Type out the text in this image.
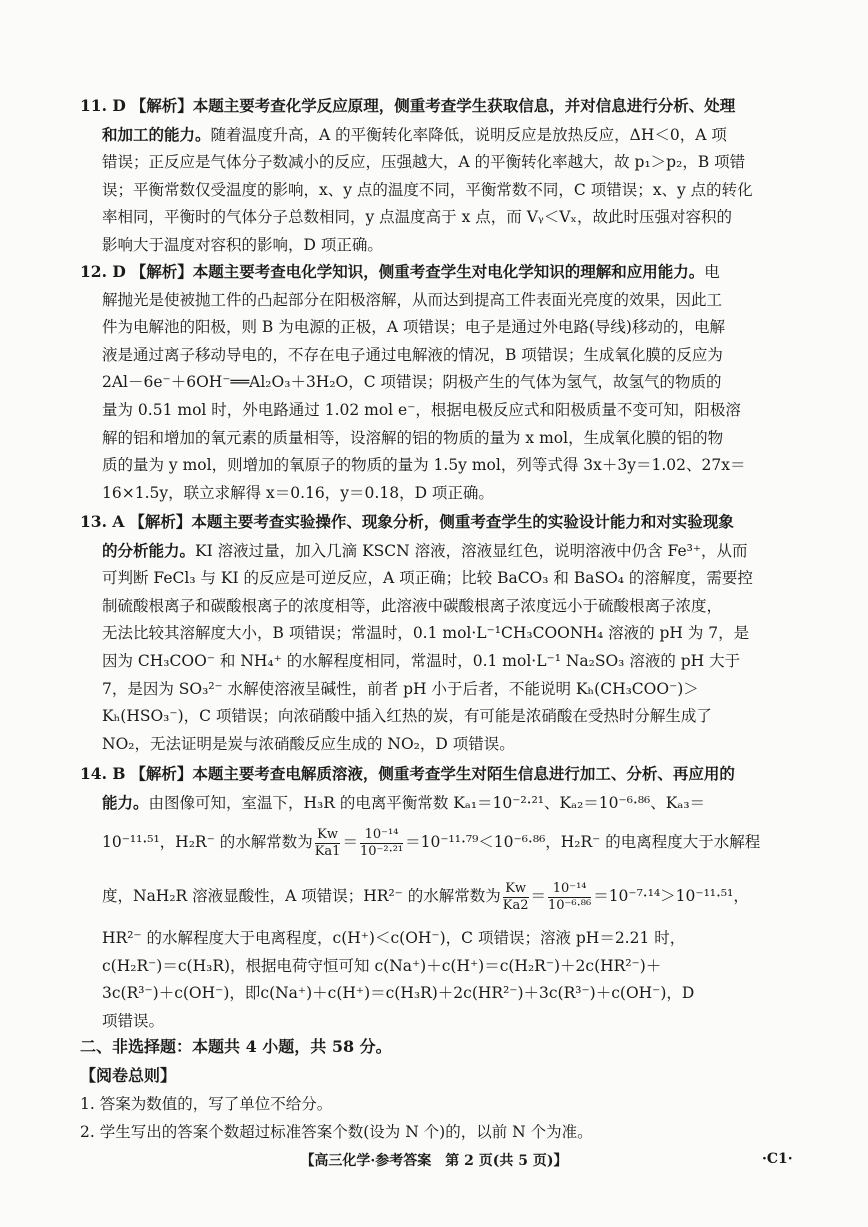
11. D 【解析】本题主要考查化学反应原理，侧重考查学生获取信息，并对信息进行分析、处理
和加工的能力。随着温度升高，A 的平衡转化率降低，说明反应是放热反应，ΔH＜0，A 项
错误；正反应是气体分子数减小的反应，压强越大，A 的平衡转化率越大，故 p₁＞p₂，B 项错
误；平衡常数仅受温度的影响，x、y 点的温度不同，平衡常数不同，C 项错误；x、y 点的转化
率相同，平衡时的气体分子总数相同，y 点温度高于 x 点，而 Vᵧ＜Vₓ，故此时压强对容积的
影响大于温度对容积的影响，D 项正确。
12. D 【解析】本题主要考查电化学知识，侧重考查学生对电化学知识的理解和应用能力。电
解抛光是使被抛工件的凸起部分在阳极溶解，从而达到提高工件表面光亮度的效果，因此工
件为电解池的阳极，则 B 为电源的正极，A 项错误；电子是通过外电路(导线)移动的，电解
液是通过离子移动导电的，不存在电子通过电解液的情况，B 项错误；生成氧化膜的反应为
2Al－6e⁻＋6OH⁻══Al₂O₃＋3H₂O，C 项错误；阴极产生的气体为氢气，故氢气的物质的
量为 0.51 mol 时，外电路通过 1.02 mol e⁻，根据电极反应式和阳极质量不变可知，阳极溶
解的铝和增加的氧元素的质量相等，设溶解的铝的物质的量为 x mol，生成氧化膜的铝的物
质的量为 y mol，则增加的氧原子的物质的量为 1.5y mol，列等式得 3x＋3y＝1.02、27x＝
16×1.5y，联立求解得 x＝0.16，y＝0.18，D 项正确。
13. A 【解析】本题主要考查实验操作、现象分析，侧重考查学生的实验设计能力和对实验现象
的分析能力。KI 溶液过量，加入几滴 KSCN 溶液，溶液显红色，说明溶液中仍含 Fe³⁺，从而
可判断 FeCl₃ 与 KI 的反应是可逆反应，A 项正确；比较 BaCO₃ 和 BaSO₄ 的溶解度，需要控
制硫酸根离子和碳酸根离子的浓度相等，此溶液中碳酸根离子浓度远小于硫酸根离子浓度，
无法比较其溶解度大小，B 项错误；常温时，0.1 mol·L⁻¹CH₃COONH₄ 溶液的 pH 为 7，是
因为 CH₃COO⁻ 和 NH₄⁺ 的水解程度相同，常温时，0.1 mol·L⁻¹ Na₂SO₃ 溶液的 pH 大于
7，是因为 SO₃²⁻ 水解使溶液呈碱性，前者 pH 小于后者，不能说明 Kₕ(CH₃COO⁻)＞
Kₕ(HSO₃⁻)，C 项错误；向浓硝酸中插入红热的炭，有可能是浓硝酸在受热时分解生成了
NO₂，无法证明是炭与浓硝酸反应生成的 NO₂，D 项错误。
14. B 【解析】本题主要考查电解质溶液，侧重考查学生对陌生信息进行加工、分析、再应用的
能力。由图像可知，室温下，H₃R 的电离平衡常数 Kₐ₁＝10⁻²·²¹、Kₐ₂＝10⁻⁶·⁸⁶、Kₐ₃＝
10⁻¹¹·⁵¹，H₂R⁻ 的水解常数为 $\frac{Kw}{Ka1} = \frac{\text{10⁻¹⁴}}{\text{10⁻²·²¹}} =10^{-11}\cdot^{79}<10^{-6}\cdot^{86}$，H₂R⁻ 的电离程度大于水解程
度，NaH₂R 溶液显酸性，A 项错误；HR²⁻ 的水解常数为 $\frac{Kw}{Ka2} = \frac{\text{10⁻¹⁴}}{\text{10⁻⁶·⁸⁶}} =10^{-7}\cdot^{14}>10^{-11}\cdot^{51}$，
HR²⁻ 的水解程度大于电离程度，c(H⁺)＜c(OH⁻)，C 项错误；溶液 pH＝2.21 时，
c(H₂R⁻)＝c(H₃R)，根据电荷守恒可知 c(Na⁺)＋c(H⁺)＝c(H₂R⁻)＋2c(HR²⁻)＋
3c(R³⁻)＋c(OH⁻)，即c(Na⁺)＋c(H⁺)＝c(H₃R)＋2c(HR²⁻)＋3c(R³⁻)＋c(OH⁻)，D
项错误。
二、非选择题：本题共 4 小题，共 58 分。
【阅卷总则】
1. 答案为数值的，写了单位不给分。
2. 学生写出的答案个数超过标准答案个数(设为 N 个)的，以前 N 个为准。
【高三化学·参考答案　第 2 页(共 5 页)】	·C1·
